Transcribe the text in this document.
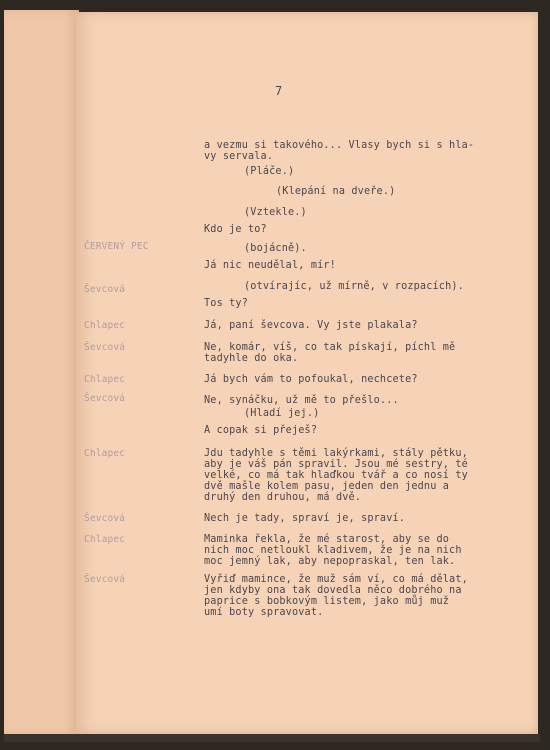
7
ČERVENÝ PEC
Ševcová
Chlapec
Ševcová
Chlapec
Ševcová
Chlapec
Ševcová
Chlapec
Ševcová
a vezmu si takového... Vlasy bych si s hla-
vy servala.
(Pláče.)
(Klepání na dveře.)
(Vztekle.)
Kdo je to?
(bojácně).
Já nic neudělal, mír!
(otvírajíc, už mírně, v rozpacích).
Tos ty?
Já, paní ševcova. Vy jste plakala?
Ne, komár, víš, co tak pískají, píchl mě
tadyhle do oka.
Já bych vám to pofoukal, nechcete?
Ne, synáčku, už mě to přešlo...
(Hladí jej.)
A copak si přeješ?
Jdu tadyhle s těmi lakýrkami, stály pětku,
aby je váš pán spravil. Jsou mé sestry, té
velké, co má tak hlaďkou tvář a co nosí ty
dvě mašle kolem pasu, jeden den jednu a
druhý den druhou, má dvě.
Nech je tady, spraví je, spraví.
Maminka řekla, že mé starost, aby se do
nich moc netloukl kladivem, že je na nich
moc jemný lak, aby nepopraskal, ten lak.
Vyřiď mamince, že muž sám ví, co má dělat,
jen kdyby ona tak dovedla něco dobrého na
paprice s bobkovým listem, jako můj muž
umí boty spravovat.
